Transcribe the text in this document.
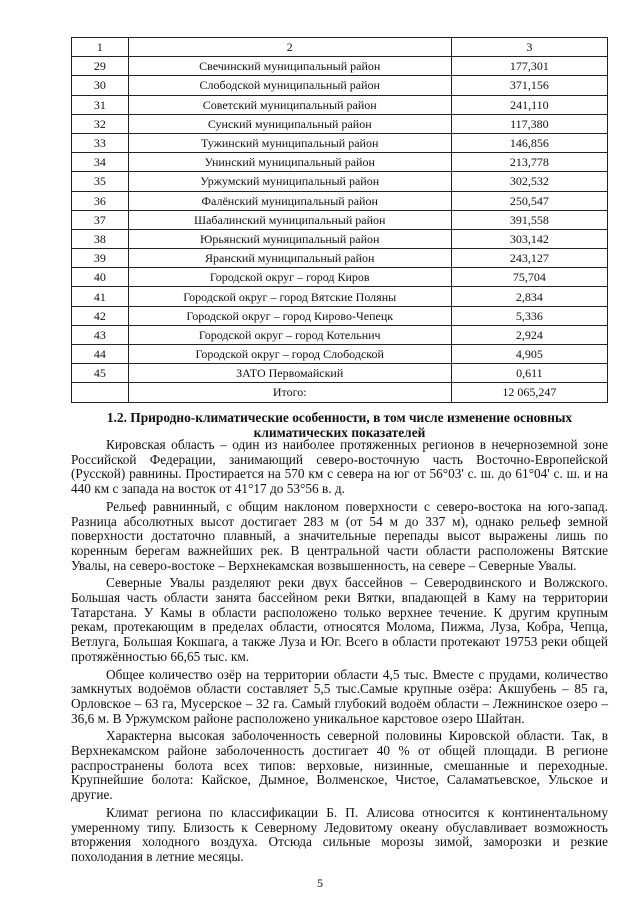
1	2	3
29	Свечинский муниципальный район	177,301
30	Слободской муниципальный район	371,156
31	Советский муниципальный район	241,110
32	Сунский муниципальный район	117,380
33	Тужинский муниципальный район	146,856
34	Унинский муниципальный район	213,778
35	Уржумский муниципальный район	302,532
36	Фалёнский муниципальный район	250,547
37	Шабалинский муниципальный район	391,558
38	Юрьянский муниципальный район	303,142
39	Яранский муниципальный район	243,127
40	Городской округ – город Киров	75,704
41	Городской округ – город Вятские Поляны	2,834
42	Городской округ – город Кирово-Чепецк	5,336
43	Городской округ – город Котельнич	2,924
44	Городской округ – город Слободской	4,905
45	ЗАТО Первомайский	0,611
	Итого:	12 065,247
1.2. Природно-климатические особенности, в том числе изменение основных климатических показателей

Кировская область – один из наиболее протяженных регионов в нечерноземной зоне Российской Федерации, занимающий северо-восточную часть Восточно-Европейской (Русской) равнины. Простирается на 570 км с севера на юг от 56°03' с. ш. до 61°04' с. ш. и на 440 км с запада на восток от 41°17 до 53°56 в. д.

Рельеф равнинный, с общим наклоном поверхности с северо-востока на юго-запад. Разница абсолютных высот достигает 283 м (от 54 м до 337 м), однако рельеф земной поверхности достаточно плавный, а значительные перепады высот выражены лишь по коренным берегам важнейших рек. В центральной части области расположены Вятские Увалы, на северо-востоке – Верхнекамская возвышенность, на севере – Северные Увалы.

Северные Увалы разделяют реки двух бассейнов – Северодвинского и Волжского. Большая часть области занята бассейном реки Вятки, впадающей в Каму на территории Татарстана. У Камы в области расположено только верхнее течение. К другим крупным рекам, протекающим в пределах области, относятся Молома, Пижма, Луза, Кобра, Чепца, Ветлуга, Большая Кокшага, а также Луза и Юг. Всего в области протекают 19753 реки общей протяжённостью 66,65 тыс. км.

Общее количество озёр на территории области 4,5 тыс. Вместе с прудами, количество замкнутых водоёмов области составляет 5,5 тыс.Самые крупные озёра: Акшубень – 85 га, Орловское – 63 га, Мусерское – 32 га. Самый глубокий водоём области – Лежнинское озеро – 36,6 м. В Уржумском районе расположено уникальное карстовое озеро Шайтан.

Характерна высокая заболоченность северной половины Кировской области. Так, в Верхнекамском районе заболоченность достигает 40 % от общей площади. В регионе распространены болота всех типов: верховые, низинные, смешанные и переходные. Крупнейшие болота: Кайское, Дымное, Волменское, Чистое, Саламатьевское, Ульское и другие.

Климат региона по классификации Б. П. Алисова относится к континентальному умеренному типу. Близость к Северному Ледовитому океану обуславливает возможность вторжения холодного воздуха. Отсюда сильные морозы зимой, заморозки и резкие похолодания в летние месяцы.

5
